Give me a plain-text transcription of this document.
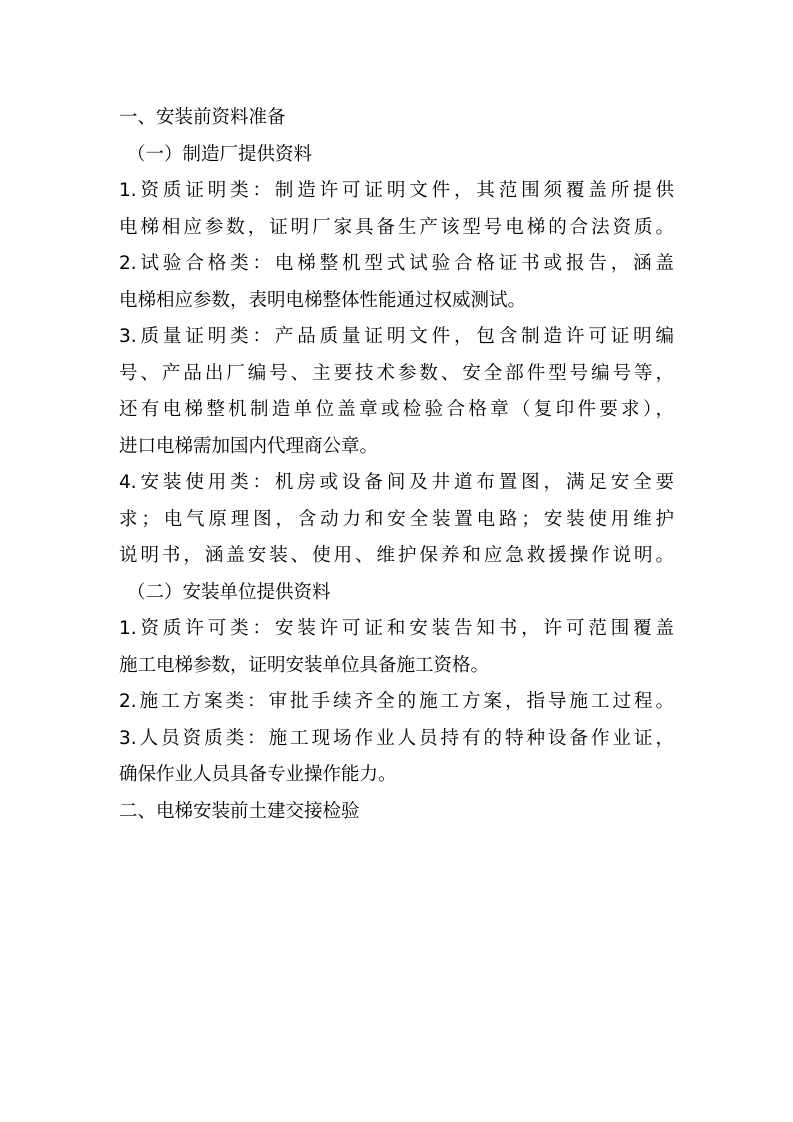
一、安装前资料准备
（一）制造厂提供资料
1.资质证明类：制造许可证明文件，其范围须覆盖所提供
电梯相应参数，证明厂家具备生产该型号电梯的合法资质。
2.试验合格类：电梯整机型式试验合格证书或报告，涵盖
电梯相应参数，表明电梯整体性能通过权威测试。
3.质量证明类：产品质量证明文件，包含制造许可证明编
号、产品出厂编号、主要技术参数、安全部件型号编号等，
还有电梯整机制造单位盖章或检验合格章（复印件要求），
进口电梯需加国内代理商公章。
4.安装使用类：机房或设备间及井道布置图，满足安全要
求；电气原理图，含动力和安全装置电路；安装使用维护
说明书，涵盖安装、使用、维护保养和应急救援操作说明。
（二）安装单位提供资料
1.资质许可类：安装许可证和安装告知书，许可范围覆盖
施工电梯参数，证明安装单位具备施工资格。
2.施工方案类：审批手续齐全的施工方案，指导施工过程。
3.人员资质类：施工现场作业人员持有的特种设备作业证，
确保作业人员具备专业操作能力。
二、电梯安装前土建交接检验
